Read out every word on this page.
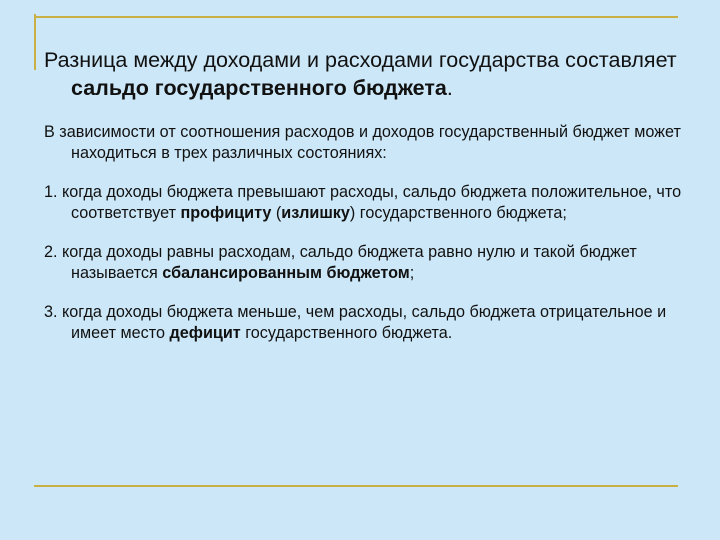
Разница между доходами и расходами государства составляет сальдо государственного бюджета.

В зависимости от соотношения расходов и доходов государственный бюджет может находиться в трех различных состояниях:

1. когда доходы бюджета превышают расходы, сальдо бюджета положительное, что соответствует профициту (излишку) государственного бюджета;

2. когда доходы равны расходам, сальдо бюджета равно нулю и такой бюджет называется сбалансированным бюджетом;

3. когда доходы бюджета меньше, чем расходы, сальдо бюджета отрицательное и имеет место дефицит государственного бюджета.
